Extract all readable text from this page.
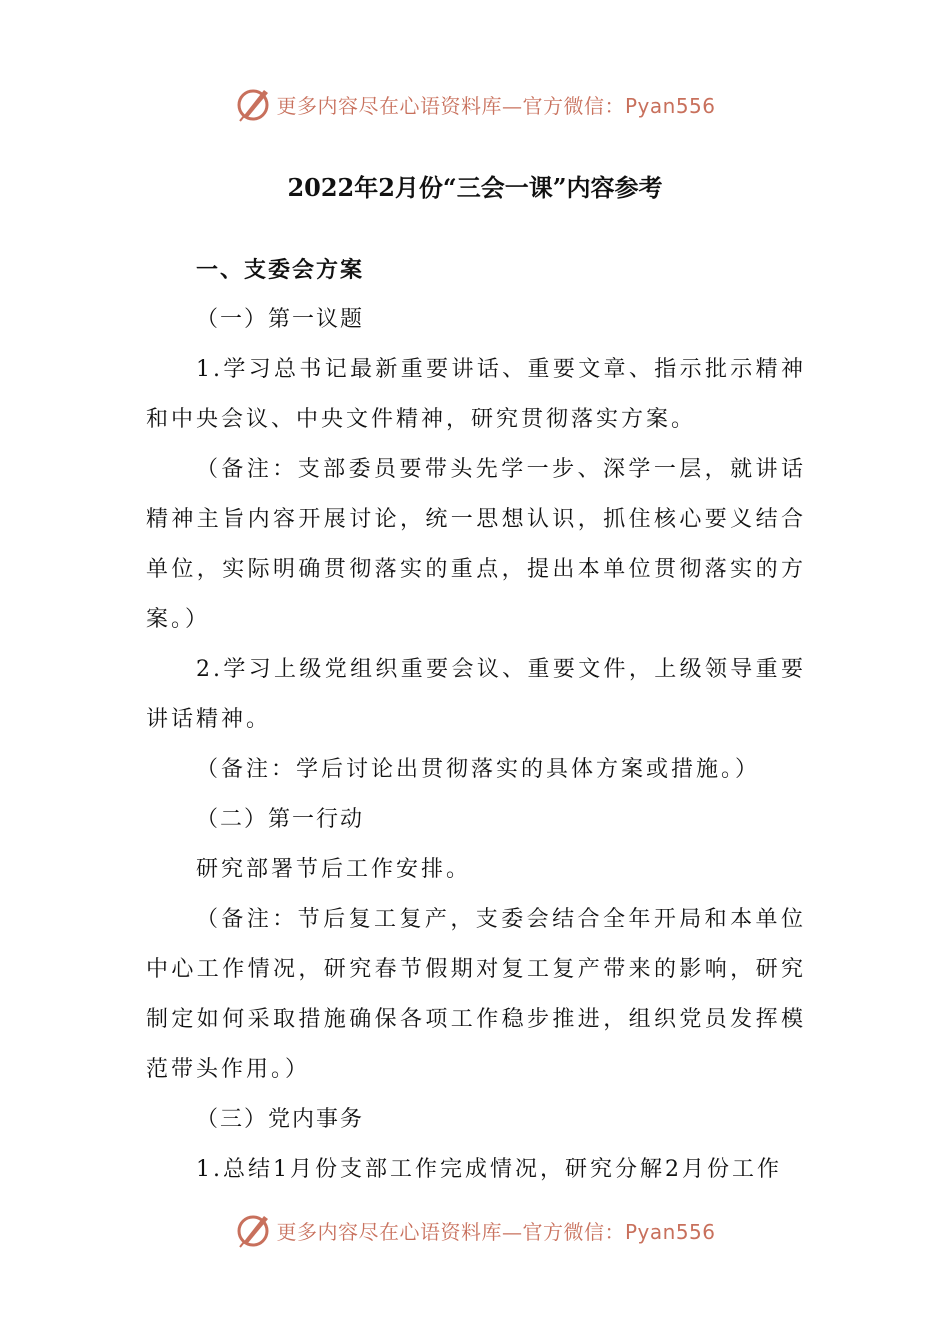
更多内容尽在心语资料库—官方微信：Pyan556
2022年2月份“三会一课”内容参考

一、支委会方案

（一）第一议题

1.学习总书记最新重要讲话、重要文章、指示批示精神和中央会议、中央文件精神，研究贯彻落实方案。

（备注：支部委员要带头先学一步、深学一层，就讲话精神主旨内容开展讨论，统一思想认识，抓住核心要义结合单位，实际明确贯彻落实的重点，提出本单位贯彻落实的方案。）

2.学习上级党组织重要会议、重要文件，上级领导重要讲话精神。

（备注：学后讨论出贯彻落实的具体方案或措施。）

（二）第一行动

研究部署节后工作安排。

（备注：节后复工复产，支委会结合全年开局和本单位中心工作情况，研究春节假期对复工复产带来的影响，研究制定如何采取措施确保各项工作稳步推进，组织党员发挥模范带头作用。）

（三）党内事务

1.总结1月份支部工作完成情况，研究分解2月份工作

更多内容尽在心语资料库—官方微信：Pyan556
